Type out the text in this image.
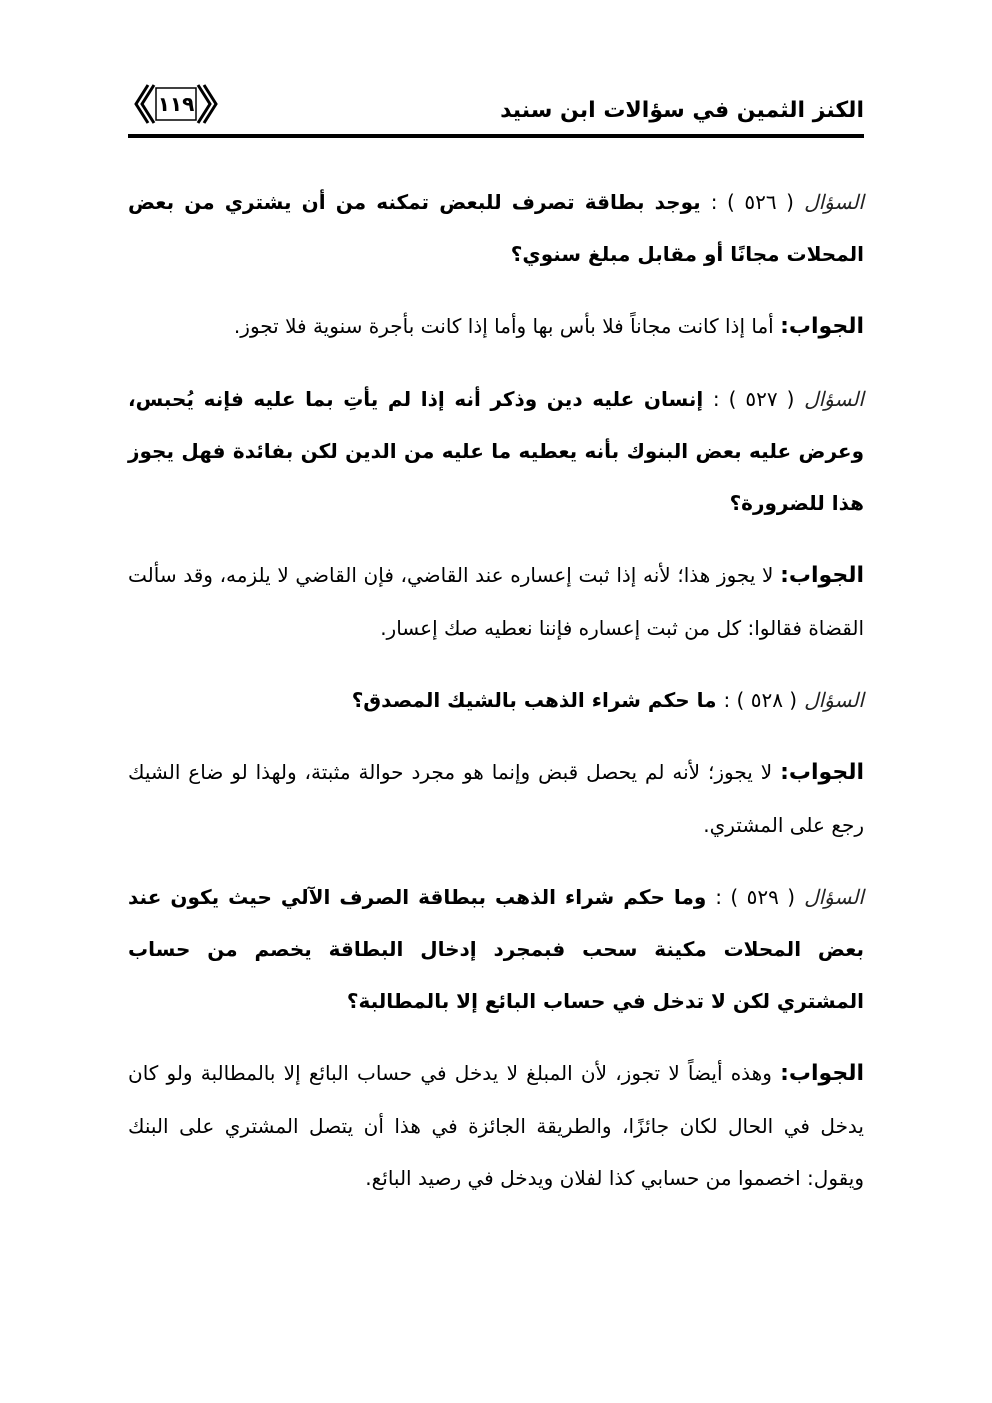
الكنز الثمين في سؤالات ابن سنيد
١١٩

السؤال ( ٥٢٦ ) : يوجد بطاقة تصرف للبعض تمكنه من أن يشتري من بعض المحلات مجانًا أو مقابل مبلغ سنوي؟

الجواب: أما إذا كانت مجاناً فلا بأس بها وأما إذا كانت بأجرة سنوية فلا تجوز.

السؤال ( ٥٢٧ ) : إنسان عليه دين وذكر أنه إذا لم يأتِ بما عليه فإنه يُحبس، وعرض عليه بعض البنوك بأنه يعطيه ما عليه من الدين لكن بفائدة فهل يجوز هذا للضرورة؟

الجواب: لا يجوز هذا؛ لأنه إذا ثبت إعساره عند القاضي، فإن القاضي لا يلزمه، وقد سألت القضاة فقالوا: كل من ثبت إعساره فإننا نعطيه صك إعسار.

السؤال ( ٥٢٨ ) : ما حكم شراء الذهب بالشيك المصدق؟

الجواب: لا يجوز؛ لأنه لم يحصل قبض وإنما هو مجرد حوالة مثبتة، ولهذا لو ضاع الشيك رجع على المشتري.

السؤال ( ٥٢٩ ) : وما حكم شراء الذهب ببطاقة الصرف الآلي حيث يكون عند بعض المحلات مكينة سحب فبمجرد إدخال البطاقة يخصم من حساب المشتري لكن لا تدخل في حساب البائع إلا بالمطالبة؟

الجواب: وهذه أيضاً لا تجوز، لأن المبلغ لا يدخل في حساب البائع إلا بالمطالبة ولو كان يدخل في الحال لكان جائزًا، والطريقة الجائزة في هذا أن يتصل المشتري على البنك ويقول: اخصموا من حسابي كذا لفلان ويدخل في رصيد البائع.
